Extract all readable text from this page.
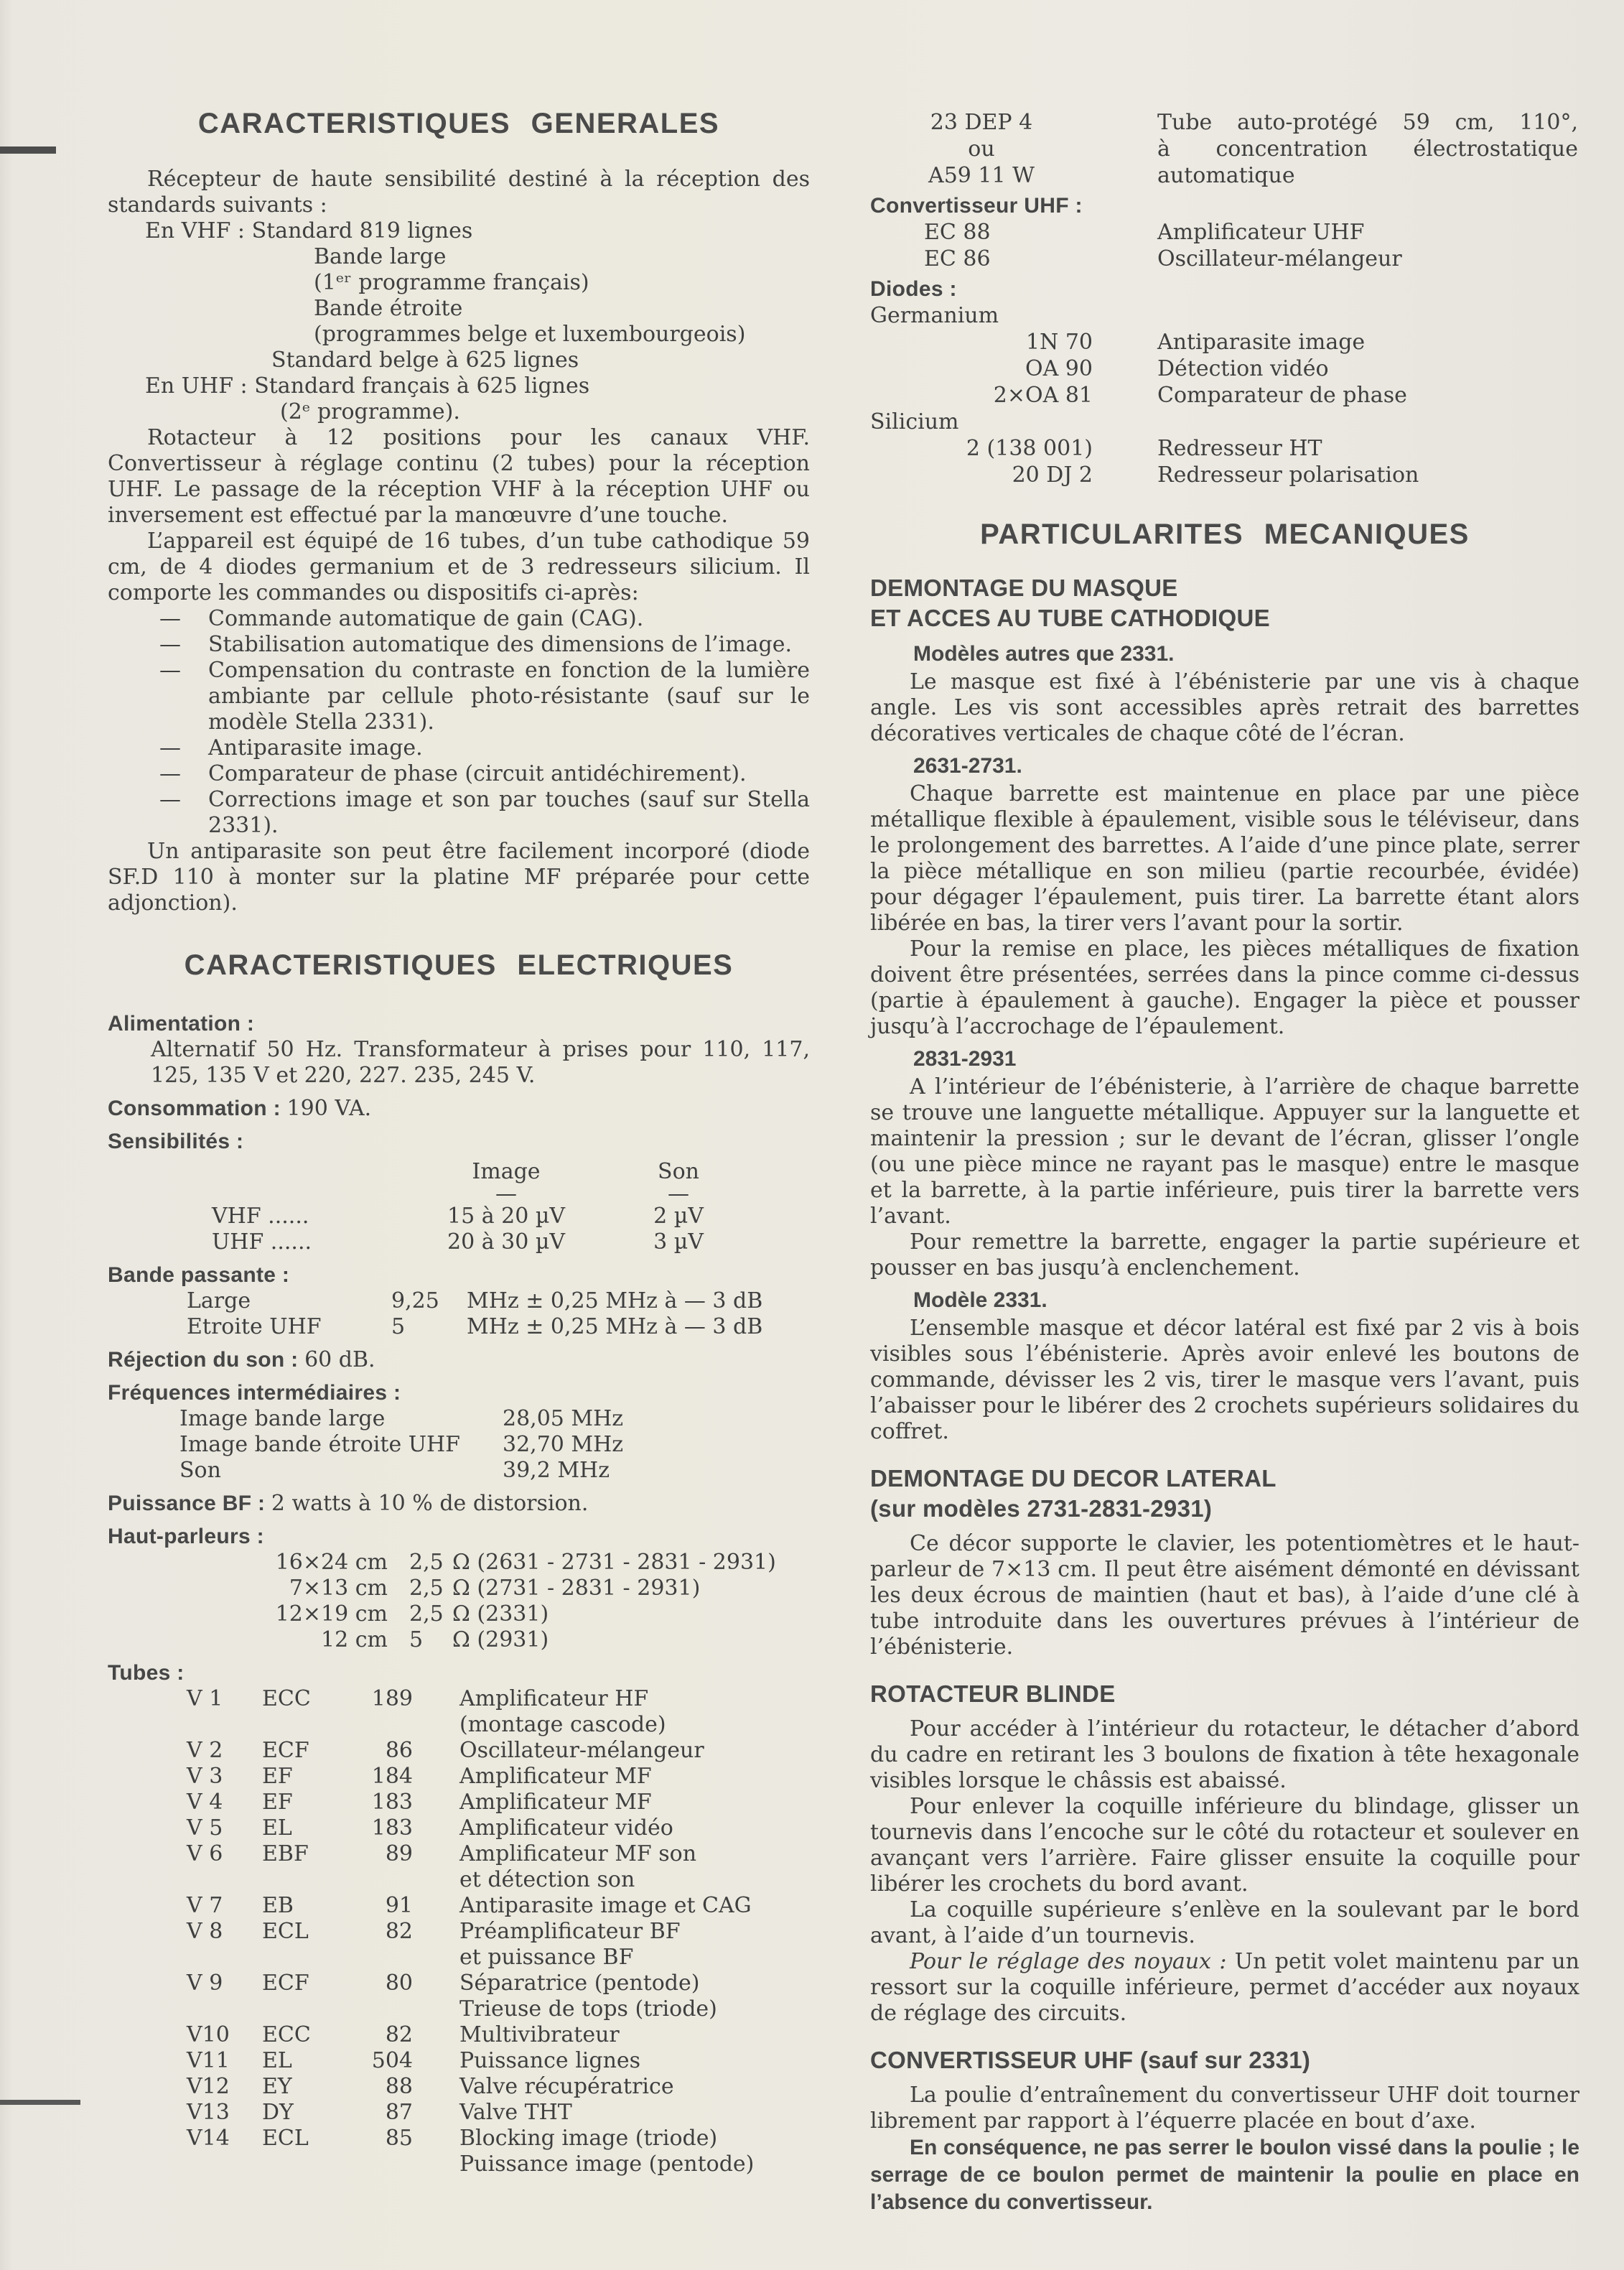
CARACTERISTIQUES GENERALES

Récepteur de haute sensibilité destiné à la réception des standards suivants :

En VHF : Standard 819 lignes
Bande large
(1ᵉʳ programme français)
Bande étroite
(programmes belge et luxembourgeois)
Standard belge à 625 lignes
En UHF : Standard français à 625 lignes
(2ᵉ programme).

Rotacteur à 12 positions pour les canaux VHF. Convertisseur à réglage continu (2 tubes) pour la réception UHF. Le passage de la réception VHF à la réception UHF ou inversement est effectué par la manœuvre d’une touche.

L’appareil est équipé de 16 tubes, d’un tube cathodique 59 cm, de 4 diodes germanium et de 3 redresseurs silicium. Il comporte les commandes ou dispositifs ci-après:

— Commande automatique de gain (CAG).
— Stabilisation automatique des dimensions de l’image.
— Compensation du contraste en fonction de la lumière ambiante par cellule photo-résistante (sauf sur le modèle Stella 2331).
— Antiparasite image.
— Comparateur de phase (circuit antidéchirement).
— Corrections image et son par touches (sauf sur Stella 2331).

Un antiparasite son peut être facilement incorporé (diode SF.D 110 à monter sur la platine MF préparée pour cette adjonction).

CARACTERISTIQUES ELECTRIQUES
Alimentation :

Alternatif 50 Hz. Transformateur à prises pour 110, 117, 125, 135 V et 220, 227. 235, 245 V.

Consommation : 190 VA.
Sensibilités :
Image	Son
—	—
VHF ......	15 à 20 µV	2 µV
UHF ......	20 à 30 µV	3 µV
Bande passante :
Large	9,25	MHz ± 0,25 MHz à — 3 dB
Etroite UHF	5	MHz ± 0,25 MHz à — 3 dB
Réjection du son : 60 dB.
Fréquences intermédiaires :
Image bande large	28,05 MHz
Image bande étroite UHF	32,70 MHz
Son	39,2 MHz
Puissance BF : 2 watts à 10 % de distorsion.
Haut-parleurs :
16×24 cm	2,5 Ω (2631 - 2731 - 2831 - 2931)
7×13 cm	2,5 Ω (2731 - 2831 - 2931)
12×19 cm	2,5 Ω (2331)
12 cm	5	Ω (2931)
Tubes :
V 1	ECC	189 Amplificateur HF
(montage cascode)
V 2	ECF	86 Oscillateur-mélangeur
V 3	EF	184 Amplificateur MF
V 4	EF	183 Amplificateur MF
V 5	EL	183 Amplificateur vidéo
V 6	EBF	89 Amplificateur MF son
et détection son
V 7	EB	91 Antiparasite image et CAG
V 8	ECL	82 Préamplificateur BF
et puissance BF
V 9	ECF	80 Séparatrice (pentode)
Trieuse de tops (triode)
V10	ECC	82 Multivibrateur
V11	EL	504 Puissance lignes
V12	EY	88 Valve récupératrice
V13	DY	87 Valve THT
V14	ECL	85 Blocking image (triode)
Puissance image (pentode)
23 DEP 4
ou
A59 11 W
Tube auto-protégé 59 cm, 110°,
à concentration électrostatique
automatique
Convertisseur UHF :
EC 88	Amplificateur UHF
EC 86	Oscillateur-mélangeur
Diodes :
Germanium
1N 70	Antiparasite image
OA 90	Détection vidéo
2×OA 81	Comparateur de phase
Silicium
2 (138 001)	Redresseur HT
20 DJ 2	Redresseur polarisation
PARTICULARITES MECANIQUES
DEMONTAGE DU MASQUE
ET ACCES AU TUBE CATHODIQUE
Modèles autres que 2331.

Le masque est fixé à l’ébénisterie par une vis à chaque angle. Les vis sont accessibles après retrait des barrettes décoratives verticales de chaque côté de l’écran.

2631-2731.

Chaque barrette est maintenue en place par une pièce métallique flexible à épaulement, visible sous le téléviseur, dans le prolongement des barrettes. A l’aide d’une pince plate, serrer la pièce métallique en son milieu (partie recourbée, évidée) pour dégager l’épaulement, puis tirer. La barrette étant alors libérée en bas, la tirer vers l’avant pour la sortir.

Pour la remise en place, les pièces métalliques de fixation doivent être présentées, serrées dans la pince comme ci-dessus (partie à épaulement à gauche). Engager la pièce et pousser jusqu’à l’accrochage de l’épaulement.

2831-2931

A l’intérieur de l’ébénisterie, à l’arrière de chaque barrette se trouve une languette métallique. Appuyer sur la languette et maintenir la pression ; sur le devant de l’écran, glisser l’ongle (ou une pièce mince ne rayant pas le masque) entre le masque et la barrette, à la partie inférieure, puis tirer la barrette vers l’avant.

Pour remettre la barrette, engager la partie supérieure et pousser en bas jusqu’à enclenchement.

Modèle 2331.

L’ensemble masque et décor latéral est fixé par 2 vis à bois visibles sous l’ébénisterie. Après avoir enlevé les boutons de commande, dévisser les 2 vis, tirer le masque vers l’avant, puis l’abaisser pour le libérer des 2 crochets supérieurs solidaires du coffret.

DEMONTAGE DU DECOR LATERAL
(sur modèles 2731-2831-2931)

Ce décor supporte le clavier, les potentiomètres et le haut-parleur de 7×13 cm. Il peut être aisément démonté en dévissant les deux écrous de maintien (haut et bas), à l’aide d’une clé à tube introduite dans les ouvertures prévues à l’intérieur de l’ébénisterie.

ROTACTEUR BLINDE

Pour accéder à l’intérieur du rotacteur, le détacher d’abord du cadre en retirant les 3 boulons de fixation à tête hexagonale visibles lorsque le châssis est abaissé.

Pour enlever la coquille inférieure du blindage, glisser un tournevis dans l’encoche sur le côté du rotacteur et soulever en avançant vers l’arrière. Faire glisser ensuite la coquille pour libérer les crochets du bord avant.

La coquille supérieure s’enlève en la soulevant par le bord avant, à l’aide d’un tournevis.

Pour le réglage des noyaux : Un petit volet maintenu par un ressort sur la coquille inférieure, permet d’accéder aux noyaux de réglage des circuits.

CONVERTISSEUR UHF (sauf sur 2331)

La poulie d’entraînement du convertisseur UHF doit tourner librement par rapport à l’équerre placée en bout d’axe.

En conséquence, ne pas serrer le boulon vissé dans la poulie ; le serrage de ce boulon permet de maintenir la poulie en place en l’absence du convertisseur.
